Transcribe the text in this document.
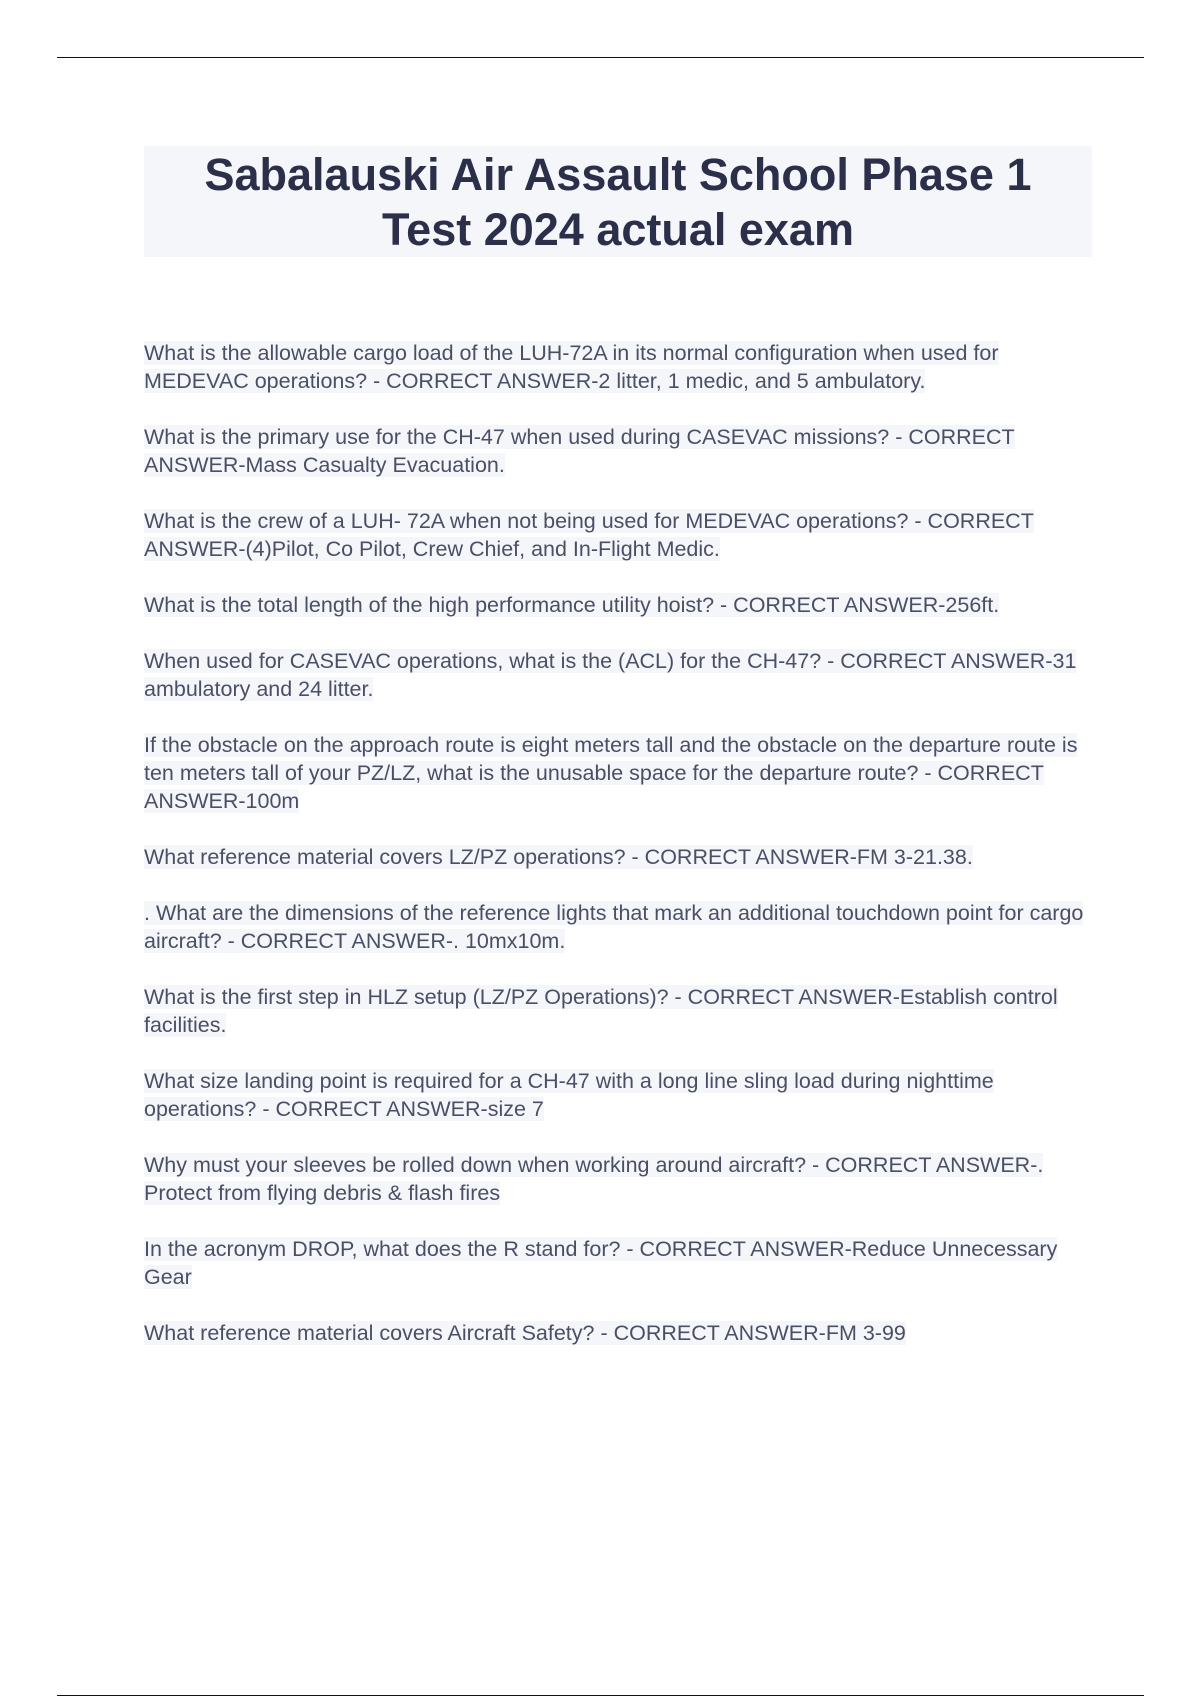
Sabalauski Air Assault School Phase 1
Test 2024 actual exam
What is the allowable cargo load of the LUH-72A in its normal configuration when used for MEDEVAC operations? - CORRECT ANSWER-2 litter, 1 medic, and 5 ambulatory.
What is the primary use for the CH-47 when used during CASEVAC missions? - CORRECT ANSWER-Mass Casualty Evacuation.
What is the crew of a LUH- 72A when not being used for MEDEVAC operations? - CORRECT ANSWER-(4)Pilot, Co Pilot, Crew Chief, and In-Flight Medic.
What is the total length of the high performance utility hoist? - CORRECT ANSWER-256ft.
When used for CASEVAC operations, what is the (ACL) for the CH-47? - CORRECT ANSWER-31 ambulatory and 24 litter.
If the obstacle on the approach route is eight meters tall and the obstacle on the departure route is ten meters tall of your PZ/LZ, what is the unusable space for the departure route? - CORRECT ANSWER-100m
What reference material covers LZ/PZ operations? - CORRECT ANSWER-FM 3-21.38.
. What are the dimensions of the reference lights that mark an additional touchdown point for cargo aircraft? - CORRECT ANSWER-. 10mx10m.
What is the first step in HLZ setup (LZ/PZ Operations)? - CORRECT ANSWER-Establish control facilities.
What size landing point is required for a CH-47 with a long line sling load during nighttime operations? - CORRECT ANSWER-size 7
Why must your sleeves be rolled down when working around aircraft? - CORRECT ANSWER-. Protect from flying debris & flash fires
In the acronym DROP, what does the R stand for? - CORRECT ANSWER-Reduce Unnecessary Gear
What reference material covers Aircraft Safety? - CORRECT ANSWER-FM 3-99
